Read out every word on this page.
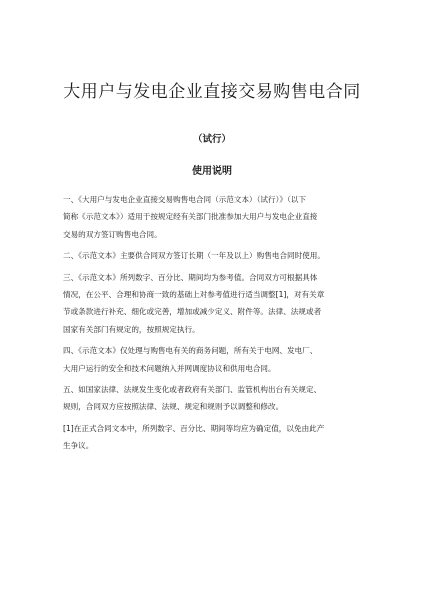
大用户与发电企业直接交易购售电合同
（试行）
使用说明

一、《大用户与发电企业直接交易购售电合同（示范文本）（试行）》（以下
简称《示范文本》）适用于按规定经有关部门批准参加大用户与发电企业直接
交易的双方签订购售电合同。

二、《示范文本》主要供合同双方签订长期（一年及以上）购售电合同时使用。

三、《示范文本》所列数字、百分比、期间均为参考值。合同双方可根据具体
情况，在公平、合理和协商一致的基础上对参考值进行适当调整[1]，对有关章
节或条款进行补充、细化或完善，增加或减少定义、附件等。法律、法规或者
国家有关部门有规定的，按照规定执行。

四、《示范文本》仅处理与购售电有关的商务问题，所有关于电网、发电厂、
大用户运行的安全和技术问题纳入并网调度协议和供用电合同。

五、如国家法律、法规发生变化或者政府有关部门、监管机构出台有关规定、
规则，合同双方应按照法律、法规、规定和规则予以调整和修改。

[1]在正式合同文本中，所列数字、百分比、期间等均应为确定值，以免由此产
生争议。
